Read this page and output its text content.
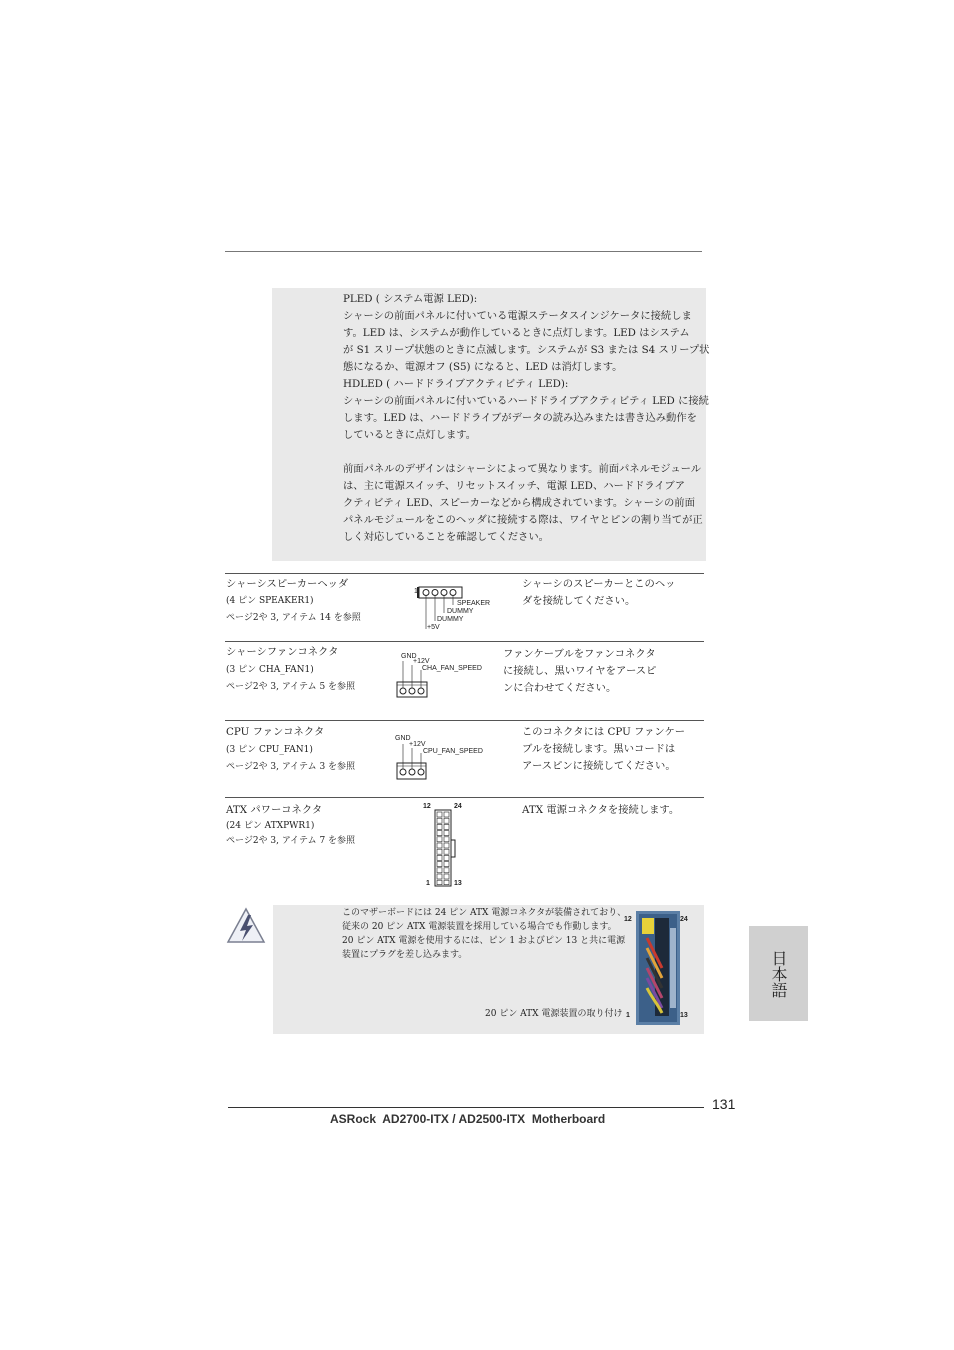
PLED ( システム電源 LED):
シャーシの前面パネルに付いている電源ステータスインジケータに接続しま
す。LED は、システムが動作しているときに点灯します。LED はシステム
が S1 スリープ状態のときに点滅します。システムが S3 または S4 スリープ状
態になるか、電源オフ (S5) になると、LED は消灯します。
HDLED ( ハードドライブアクティビティ LED):
シャーシの前面パネルに付いているハードドライブアクティビティ LED に接続
します。LED は、ハードドライブがデータの読み込みまたは書き込み動作を
しているときに点灯します。
前面パネルのデザインはシャーシによって異なります。前面パネルモジュール
は、主に電源スイッチ、リセットスイッチ、電源 LED、ハードドライブア
クティビティ LED、スピーカーなどから構成されています。シャーシの前面
パネルモジュールをこのヘッダに接続する際は、ワイヤとピンの割り当てが正
しく対応していることを確認してください。
シャーシスピーカーヘッダ
(4 ピン SPEAKER1)
ページ2や 3, アイテム 14 を参照
シャーシのスピーカーとこのヘッ
ダを接続してください。
1
SPEAKER
DUMMY
DUMMY
+5V
シャーシファンコネクタ
(3 ピン CHA_FAN1)
ページ2や 3, アイテム 5 を参照
ファンケーブルをファンコネクタ
に接続し、黒いワイヤをアースピ
ンに合わせてください。
GND
+12V
CHA_FAN_SPEED
CPU ファンコネクタ
(3 ピン CPU_FAN1)
ページ2や 3, アイテム 3 を参照
このコネクタには CPU ファンケー
ブルを接続します。黒いコードは
アースピンに接続してください。
GND
+12V
CPU_FAN_SPEED
ATX パワーコネクタ
(24 ピン ATXPWR1)
ページ2や 3, アイテム 7 を参照
ATX 電源コネクタを接続します。
12	24
1	13
このマザーボードには 24 ピン ATX 電源コネクタが装備されており、
従来の 20 ピン ATX 電源装置を採用している場合でも作動します。
20 ピン ATX 電源を使用するには、ピン 1 およびピン 13 と共に電源
装置にプラグを差し込みます。
20 ピン ATX 電源装置の取り付け
12	24
1	13
日本語
131
ASRock  AD2700-ITX / AD2500-ITX  Motherboard
